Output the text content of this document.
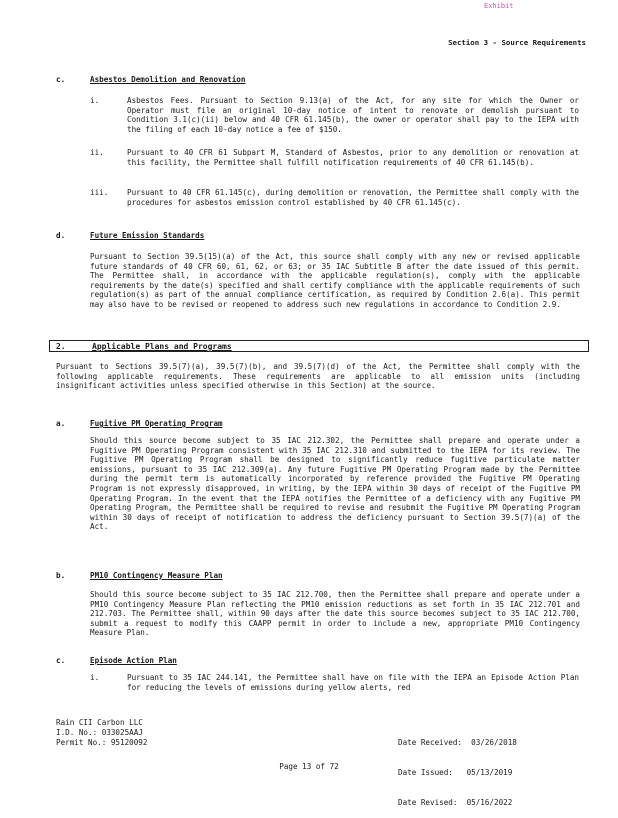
Exhibit
Section 3 - Source Requirements
c.	Asbestos Demolition and Renovation
i.	Asbestos Fees. Pursuant to Section 9.13(a) of the Act, for any site for which the Owner or Operator must file an original 10-day notice of intent to renovate or demolish pursuant to Condition 3.1(c)(ii) below and 40 CFR 61.145(b), the owner or operator shall pay to the IEPA with the filing of each 10-day notice a fee of $150.

ii.	Pursuant to 40 CFR 61 Subpart M, Standard of Asbestos, prior to any demolition or renovation at this facility, the Permittee shall fulfill notification requirements of 40 CFR 61.145(b).

iii. Pursuant to 40 CFR 61.145(c), during demolition or renovation, the Permittee shall comply with the procedures for asbestos emission control established by 40 CFR 61.145(c).

d.	Future Emission Standards

Pursuant to Section 39.5(15)(a) of the Act, this source shall comply with any new or revised applicable future standards of 40 CFR 60, 61, 62, or 63; or 35 IAC Subtitle B after the date issued of this permit. The Permittee shall, in accordance with the applicable regulation(s), comply with the applicable requirements by the date(s) specified and shall certify compliance with the applicable requirements of such regulation(s) as part of the annual compliance certification, as required by Condition 2.6(a). This permit may also have to be revised or reopened to address such new regulations in accordance to Condition 2.9.

2.	Applicable Plans and Programs

Pursuant to Sections 39.5(7)(a), 39.5(7)(b), and 39.5(7)(d) of the Act, the Permittee shall comply with the following applicable requirements. These requirements are applicable to all emission units (including insignificant activities unless specified otherwise in this Section) at the source.

a.	Fugitive PM Operating Program

Should this source become subject to 35 IAC 212.302, the Permittee shall prepare and operate under a Fugitive PM Operating Program consistent with 35 IAC 212.310 and submitted to the IEPA for its review. The Fugitive PM Operating Program shall be designed to significantly reduce fugitive particulate matter emissions, pursuant to 35 IAC 212.309(a). Any future Fugitive PM Operating Program made by the Permittee during the permit term is automatically incorporated by reference provided the Fugitive PM Operating Program is not expressly disapproved, in writing, by the IEPA within 30 days of receipt of the Fugitive PM Operating Program. In the event that the IEPA notifies the Permittee of a deficiency with any Fugitive PM Operating Program, the Permittee shall be required to revise and resubmit the Fugitive PM Operating Program within 30 days of receipt of notification to address the deficiency pursuant to Section 39.5(7)(a) of the Act.

b.	PM10 Contingency Measure Plan

Should this source become subject to 35 IAC 212.700, then the Permittee shall prepare and operate under a PM10 Contingency Measure Plan reflecting the PM10 emission reductions as set forth in 35 IAC 212.701 and 212.703. The Permittee shall, within 90 days after the date this source becomes subject to 35 IAC 212.700, submit a request to modify this CAAPP permit in order to include a new, appropriate PM10 Contingency Measure Plan.

c.	Episode Action Plan
i.	Pursuant to 35 IAC 244.141, the Permittee shall have on file with the IEPA an Episode Action Plan for reducing the levels of emissions during yellow alerts, red

Rain CII Carbon LLC
I.D. No.: 033025AAJ
Permit No.: 95120092

	Date Received:  03/26/2018

Date Issued:   05/13/2019

Date Revised:  05/16/2022

Page 13 of 72
